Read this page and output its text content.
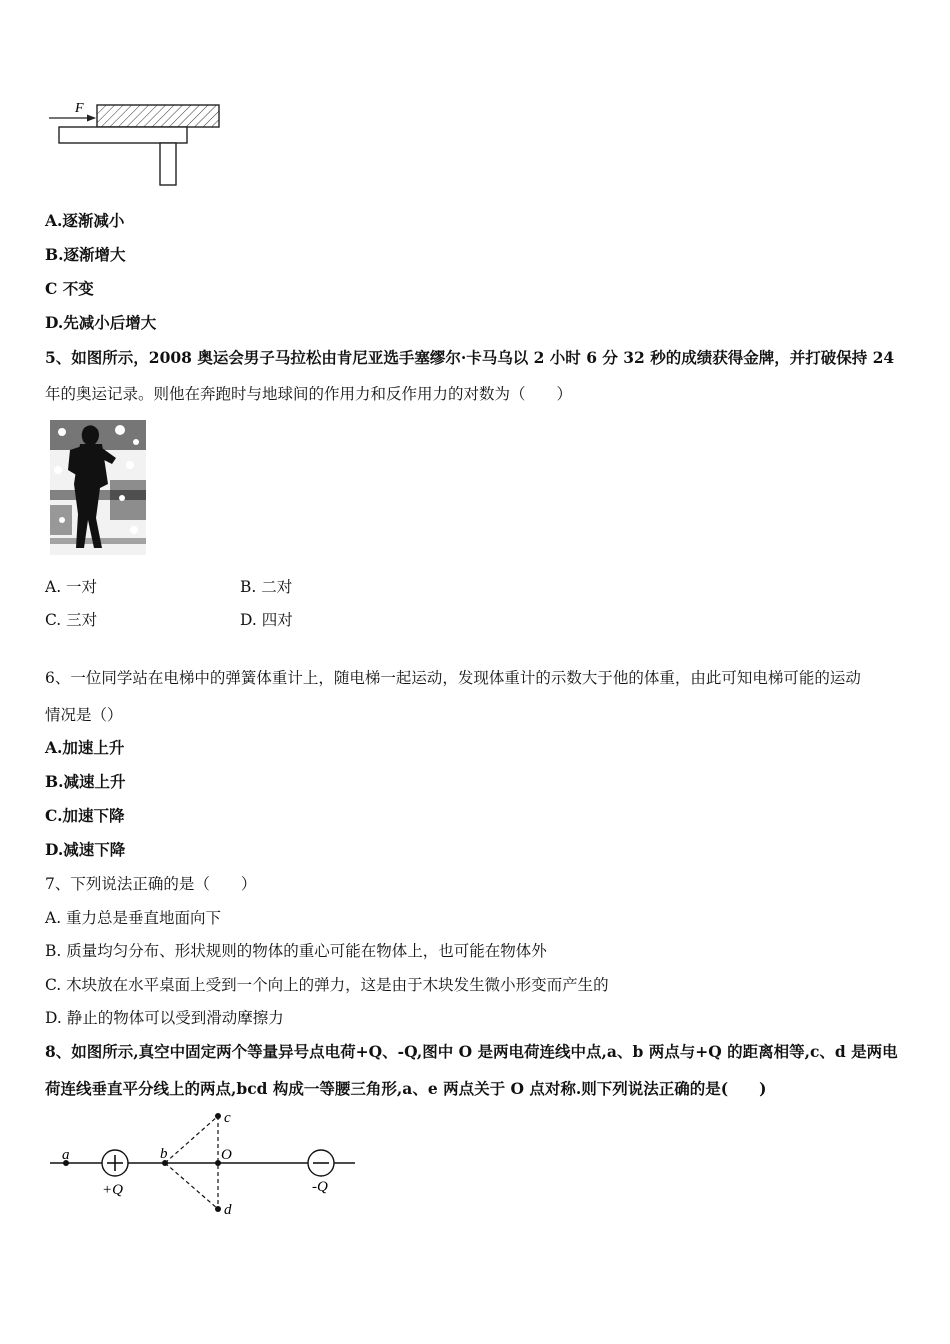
F
A.逐渐减小
B.逐渐增大
C 不变
D.先减小后增大
5、如图所示，2008 奥运会男子马拉松由肯尼亚选手塞缪尔·卡马乌以 2 小时 6 分 32 秒的成绩获得金牌，并打破保持 24
年的奥运记录。则他在奔跑时与地球间的作用力和反作用力的对数为（　　）
A. 一对	B. 二对
C. 三对	D. 四对
6、一位同学站在电梯中的弹簧体重计上，随电梯一起运动，发现体重计的示数大于他的体重，由此可知电梯可能的运动
情况是（）
A.加速上升
B.减速上升
C.加速下降
D.减速下降
7、下列说法正确的是（　　）
A. 重力总是垂直地面向下
B. 质量均匀分布、形状规则的物体的重心可能在物体上，也可能在物体外
C. 木块放在水平桌面上受到一个向上的弹力，这是由于木块发生微小形变而产生的
D. 静止的物体可以受到滑动摩擦力
8、如图所示,真空中固定两个等量异号点电荷+Q、-Q,图中 O 是两电荷连线中点,a、b 两点与+Q 的距离相等,c、d 是两电
荷连线垂直平分线上的两点,bcd 构成一等腰三角形,a、e 两点关于 O 点对称.则下列说法正确的是(　　)
a	b
c
d
O
+Q	-Q
